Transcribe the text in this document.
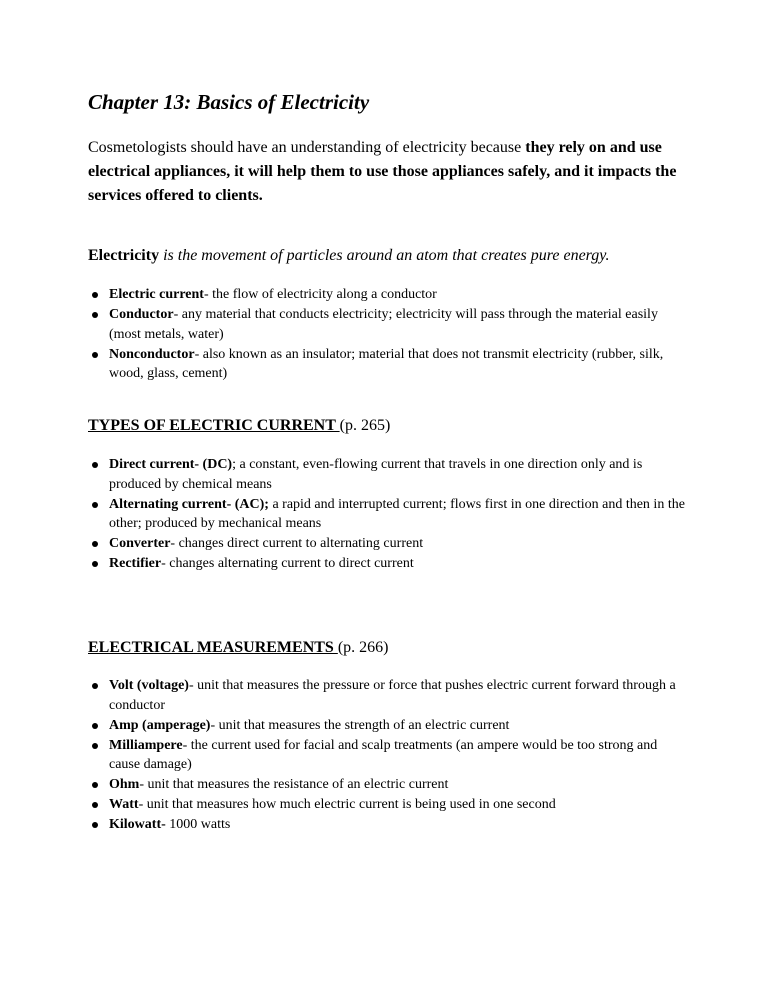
Chapter 13: Basics of Electricity

Cosmetologists should have an understanding of electricity because they rely on and use electrical appliances, it will help them to use those appliances safely, and it impacts the services offered to clients.

Electricity is the movement of particles around an atom that creates pure energy.

Electric current- the flow of electricity along a conductor
Conductor- any material that conducts electricity; electricity will pass through the material easily (most metals, water)
Nonconductor- also known as an insulator; material that does not transmit electricity (rubber, silk, wood, glass, cement)

TYPES OF ELECTRIC CURRENT (p. 265)

Direct current- (DC); a constant, even-flowing current that travels in one direction only and is produced by chemical means
Alternating current- (AC); a rapid and interrupted current; flows first in one direction and then in the other; produced by mechanical means
Converter- changes direct current to alternating current
Rectifier- changes alternating current to direct current

ELECTRICAL MEASUREMENTS (p. 266)

Volt (voltage)- unit that measures the pressure or force that pushes electric current forward through a conductor
Amp (amperage)- unit that measures the strength of an electric current
Milliampere- the current used for facial and scalp treatments (an ampere would be too strong and cause damage)
Ohm- unit that measures the resistance of an electric current
Watt- unit that measures how much electric current is being used in one second
Kilowatt- 1000 watts
